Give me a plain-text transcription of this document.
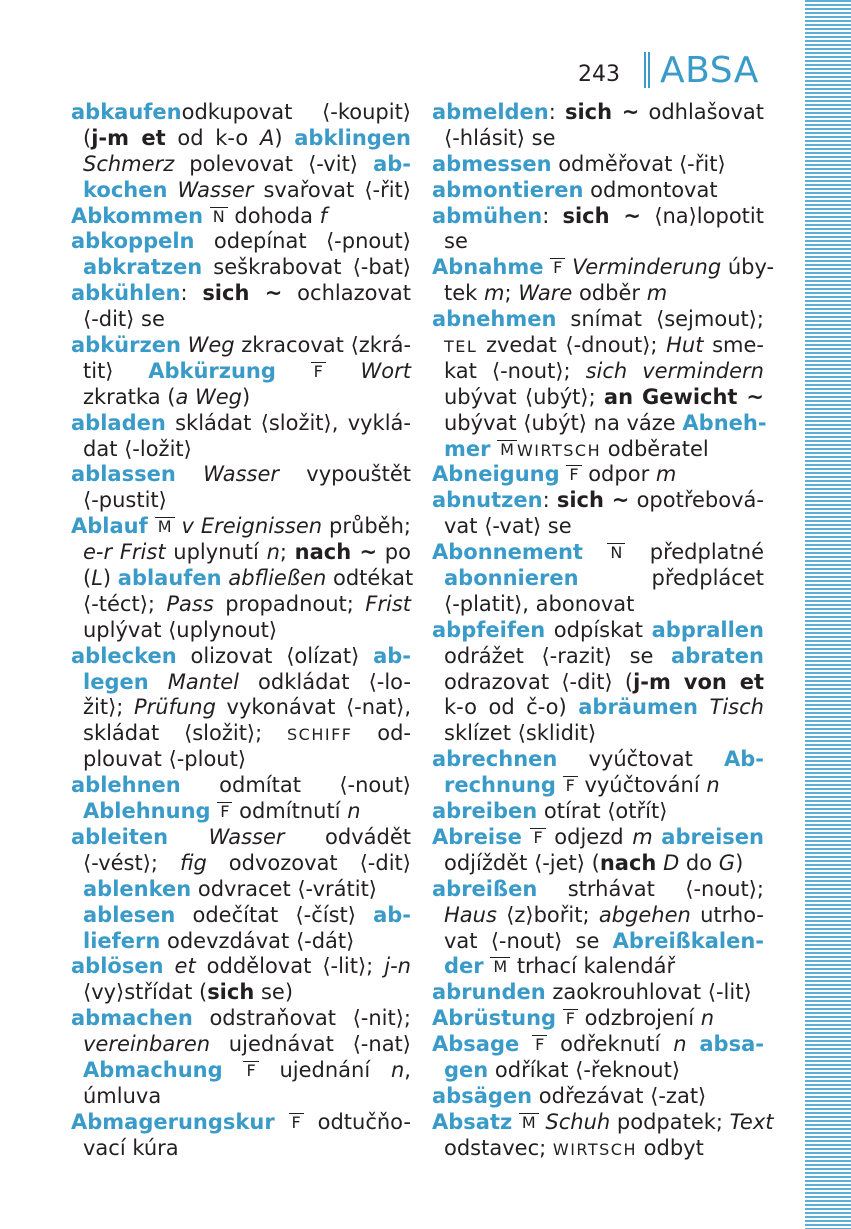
243 ABSA
abkaufenodkupovat ⟨-koupit⟩
(j-m et od k-o A) abklingen
Schmerz polevovat ⟨-vit⟩ ab-
kochen Wasser svařovat ⟨-řit⟩
Abkommen N dohoda f
abkoppeln odepínat ⟨-pnout⟩
abkratzen seškrabovat ⟨-bat⟩
abkühlen: sich ~ ochlazovat
⟨-dit⟩ se
abkürzen Weg zkracovat ⟨zkrá-
tit⟩ Abkürzung F Wort
zkratka (a Weg)
abladen skládat ⟨složit⟩, vyklá-
dat ⟨-ložit⟩
ablassen Wasser vypouštět
⟨-pustit⟩
Ablauf M v Ereignissen průběh;
e-r Frist uplynutí n; nach ~ po
(L) ablaufen abfließen odtékat
⟨-téct⟩; Pass propadnout; Frist
uplývat ⟨uplynout⟩
ablecken olizovat ⟨olízat⟩ ab-
legen Mantel odkládat ⟨-lo-
žit⟩; Prüfung vykonávat ⟨-nat⟩,
skládat ⟨složit⟩; SCHIFF od-
plouvat ⟨-plout⟩
ablehnen odmítat ⟨-nout⟩
Ablehnung F odmítnutí n
ableiten Wasser odvádět
⟨-vést⟩; fig odvozovat ⟨-dit⟩
ablenken odvracet ⟨-vrátit⟩
ablesen odečítat ⟨-číst⟩ ab-
liefern odevzdávat ⟨-dát⟩
ablösen et oddělovat ⟨-lit⟩; j-n
⟨vy⟩střídat (sich se)
abmachen odstraňovat ⟨-nit⟩;
vereinbaren ujednávat ⟨-nat⟩
Abmachung F ujednání n,
úmluva
Abmagerungskur F odtučňo-
vací kúra
abmelden: sich ~ odhlašovat
⟨-hlásit⟩ se
abmessen odměřovat ⟨-řit⟩
abmontieren odmontovat
abmühen: sich ~ ⟨na⟩lopotit
se
Abnahme F Verminderung úby-
tek m; Ware odběr m
abnehmen snímat ⟨sejmout⟩;
TEL zvedat ⟨-dnout⟩; Hut sme-
kat ⟨-nout⟩; sich vermindern
ubývat ⟨ubýt⟩; an Gewicht ~
ubývat ⟨ubýt⟩ na váze Abneh-
mer M WIRTSCH odběratel
Abneigung F odpor m
abnutzen: sich ~ opotřebová-
vat ⟨-vat⟩ se
Abonnement N předplatné
abonnieren předplácet
⟨-platit⟩, abonovat
abpfeifen odpískat abprallen
odrážet ⟨-razit⟩ se abraten
odrazovat ⟨-dit⟩ (j-m von et
k-o od č-o) abräumen Tisch
sklízet ⟨sklidit⟩
abrechnen vyúčtovat Ab-
rechnung F vyúčtování n
abreiben otírat ⟨otřít⟩
Abreise F odjezd m abreisen
odjíždět ⟨-jet⟩ (nach D do G)
abreißen strhávat ⟨-nout⟩;
Haus ⟨z⟩bořit; abgehen utrho-
vat ⟨-nout⟩ se Abreißkalen-
der M trhací kalendář
abrunden zaokrouhlovat ⟨-lit⟩
Abrüstung F odzbrojení n
Absage F odřeknutí n absa-
gen odříkat ⟨-řeknout⟩
absägen odřezávat ⟨-zat⟩
Absatz M Schuh podpatek; Text
odstavec; WIRTSCH odbyt
